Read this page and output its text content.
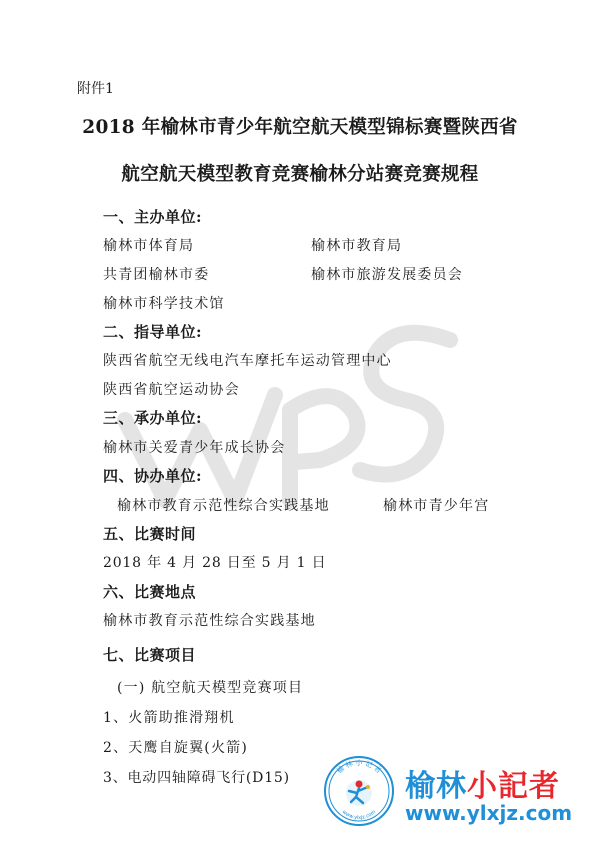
WPS
附件1
2018 年榆林市青少年航空航天模型锦标赛暨陕西省
航空航天模型教育竞赛榆林分站赛竞赛规程
一、主办单位:
榆林市体育局	榆林市教育局
共青团榆林市委	榆林市旅游发展委员会
榆林市科学技术馆
二、指导单位:
陕西省航空无线电汽车摩托车运动管理中心
陕西省航空运动协会
三、承办单位:
榆林市关爱青少年成长协会
四、协办单位:
榆林市教育示范性综合实践基地	榆林市青少年宫
五、比赛时间
2018 年 4 月 28 日至 5 月 1 日
六、比赛地点
榆林市教育示范性综合实践基地
七、比赛项目
(一) 航空航天模型竞赛项目
1、火箭助推滑翔机
2、天鹰自旋翼(火箭)
3、电动四轴障碍飞行(D15)
榆 林 小 记 者
www.ylxjz.com
榆林小記者
www.ylxjz.com
